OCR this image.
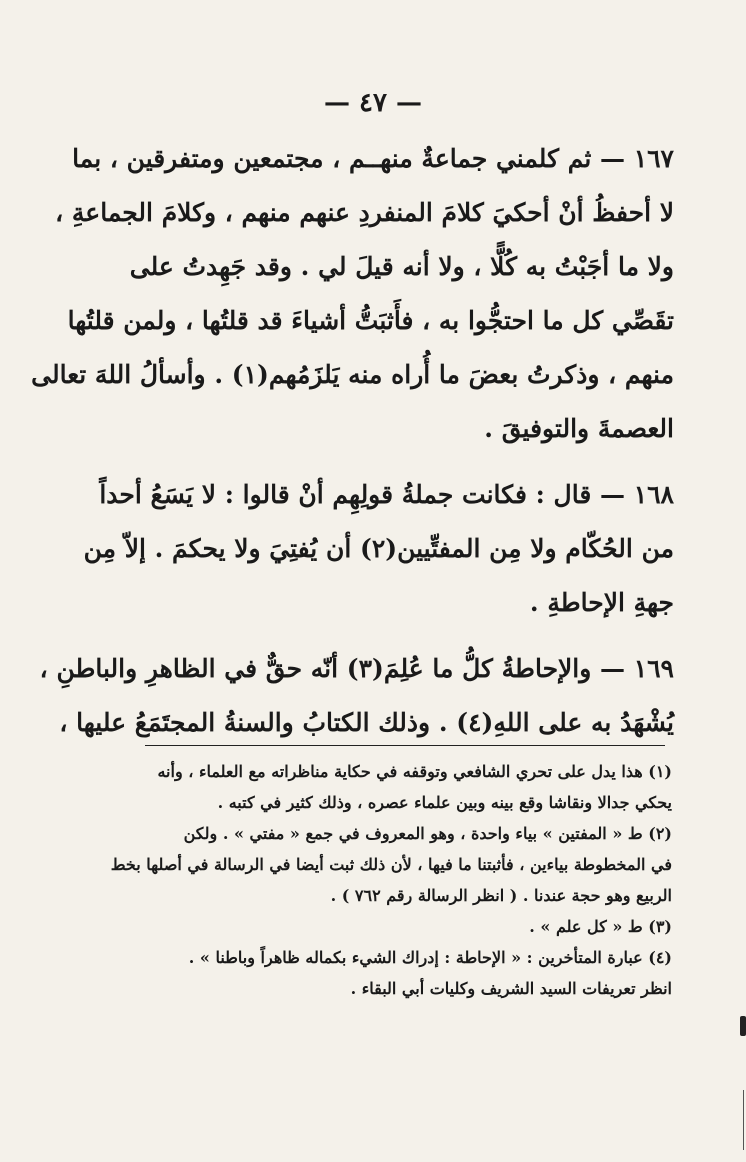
— ٤٧ —
١٦٧ — ثم كلمني جماعةٌ منهــم ، مجتمعين ومتفرقين ، بما
لا أحفظُ أنْ أحكيَ كلامَ المنفردِ عنهم منهم ، وكلامَ الجماعةِ ،
ولا ما أجَبْتُ به كُلًّا ، ولا أنه قيلَ لي . وقد جَهِدتُ على
تقَصِّي كل ما احتجُّوا به ، فأَثبَتُّ أشياءَ قد قلتُها ، ولمن قلتُها
منهم ، وذكرتُ بعضَ ما أُراه منه يَلزَمُهم(١) . وأسألُ اللهَ تعالى
العصمةَ والتوفيقَ .
١٦٨ — قال : فكانت جملةُ قولِهِم أنْ قالوا : لا يَسَعُ أحداً
من الحُكّام ولا مِن المفتِّيين(٢) أن يُفتِيَ ولا يحكمَ . إلاّ مِن
جهةِ الإحاطةِ .
١٦٩ — والإحاطةُ كلُّ ما عُلِمَ(٣) أنّه حقٌّ في الظاهرِ والباطنِ ،
يُشْهَدُ به على اللهِ(٤) . وذلك الكتابُ والسنةُ المجتَمَعُ عليها ،
(١) هذا يدل على تحري الشافعي وتوقفه في حكاية مناظراته مع العلماء ، وأنه
يحكي جدالا ونقاشا وقع بينه وبين علماء عصره ، وذلك كثير في كتبه .
(٢) ط « المفتين » بياء واحدة ، وهو المعروف في جمع « مفتي » . ولكن
في المخطوطة بياءين ، فأثبتنا ما فيها ، لأن ذلك ثبت أيضا في الرسالة في أصلها بخط
الربيع وهو حجة عندنا . ( انظر الرسالة رقم ٧٦٢ ) .
(٣) ط « كل علم » .
(٤) عبارة المتأخرين : « الإحاطة : إدراك الشيء بكماله ظاهراً وباطنا » .
انظر تعريفات السيد الشريف وكليات أبي البقاء .
